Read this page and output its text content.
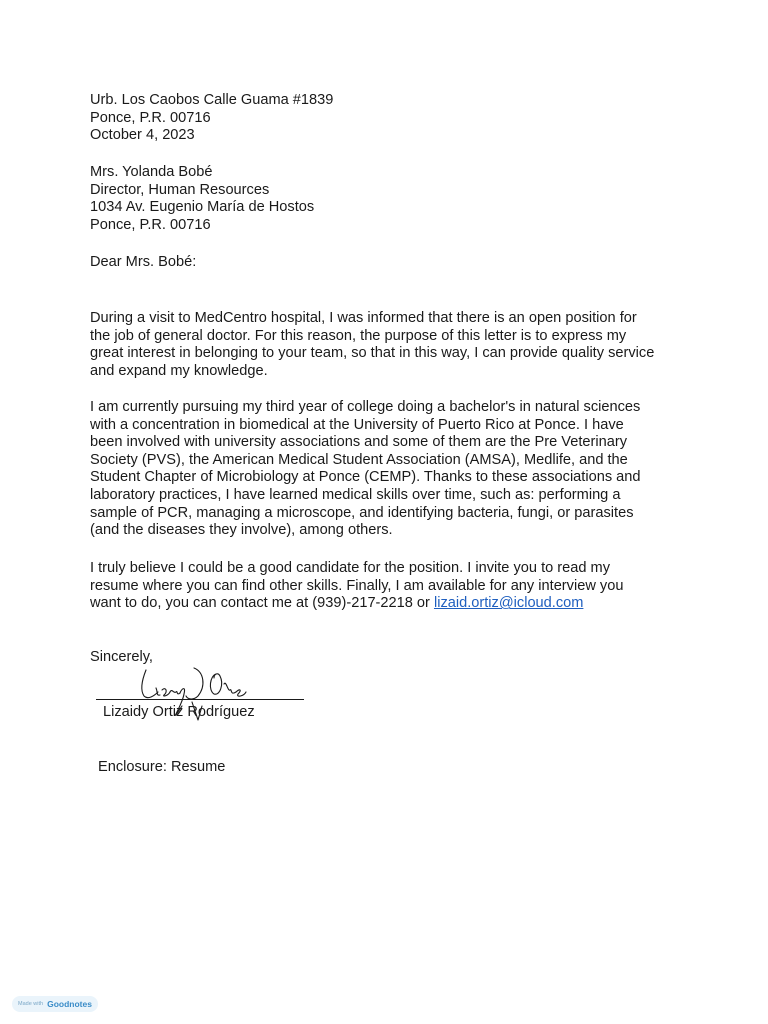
Urb. Los Caobos Calle Guama #1839
Ponce, P.R. 00716
October 4, 2023
Mrs. Yolanda Bobé
Director, Human Resources
1034 Av. Eugenio María de Hostos
Ponce, P.R. 00716
Dear Mrs. Bobé:

During a visit to MedCentro hospital, I was informed that there is an open position for

the job of general doctor. For this reason, the purpose of this letter is to express my

great interest in belonging to your team, so that in this way, I can provide quality service

and expand my knowledge.

I am currently pursuing my third year of college doing a bachelor's in natural sciences

with a concentration in biomedical at the University of Puerto Rico at Ponce. I have

been involved with university associations and some of them are the Pre Veterinary

Society (PVS), the American Medical Student Association (AMSA), Medlife, and the

Student Chapter of Microbiology at Ponce (CEMP). Thanks to these associations and

laboratory practices, I have learned medical skills over time, such as: performing a

sample of PCR, managing a microscope, and identifying bacteria, fungi, or parasites

(and the diseases they involve), among others.

I truly believe I could be a good candidate for the position. I invite you to read my

resume where you can find other skills. Finally, I am available for any interview you

want to do, you can contact me at (939)-217-2218 or lizaid.ortiz@icloud.com

Sincerely,
Lizaidy Ortiz Rodríguez
Enclosure: Resume
Made with Goodnotes
